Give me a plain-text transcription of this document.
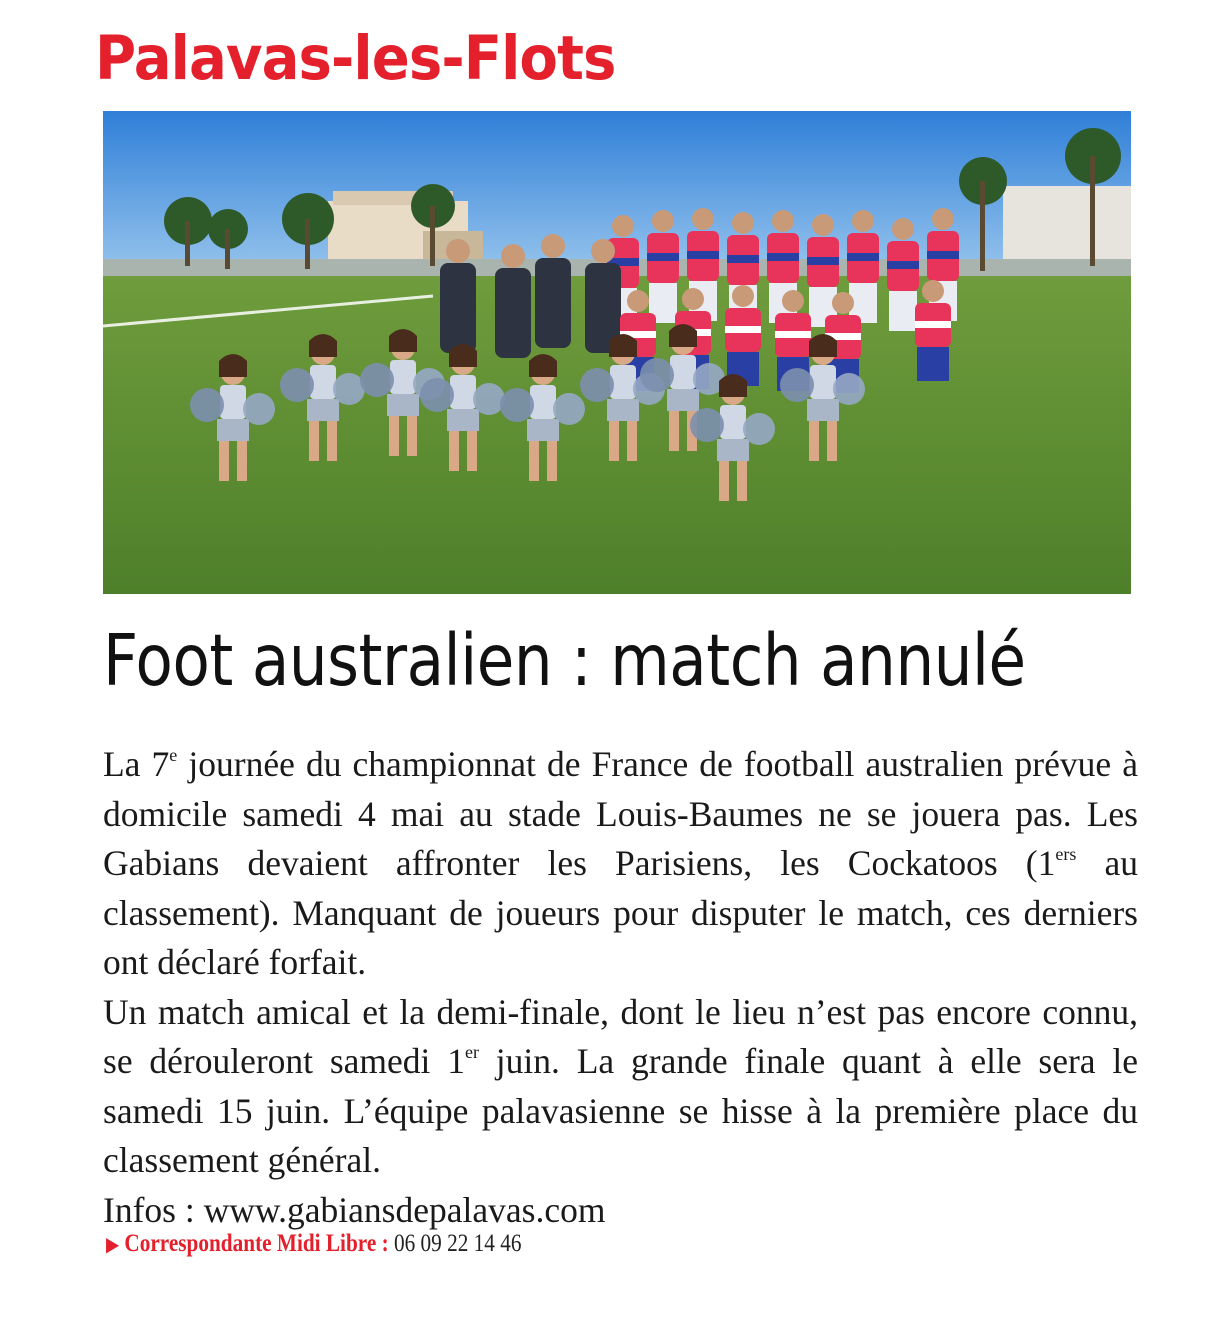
Palavas-les-Flots
Foot australien : match annulé

La 7e journée du championnat de France de football australien prévue à domicile samedi 4 mai au stade Louis-Baumes ne se jouera pas. Les Gabians devaient affronter les Parisiens, les Cockatoos (1ers au classement). Manquant de joueurs pour disputer le match, ces derniers ont déclaré forfait.

Un match amical et la demi-finale, dont le lieu n’est pas encore connu, se dérouleront samedi 1er juin. La grande finale quant à elle sera le samedi 15 juin. L’équipe palavasienne se hisse à la première place du classement général.

Infos : www.gabiansdepalavas.com

▶ Correspondante Midi Libre : 06 09 22 14 46
